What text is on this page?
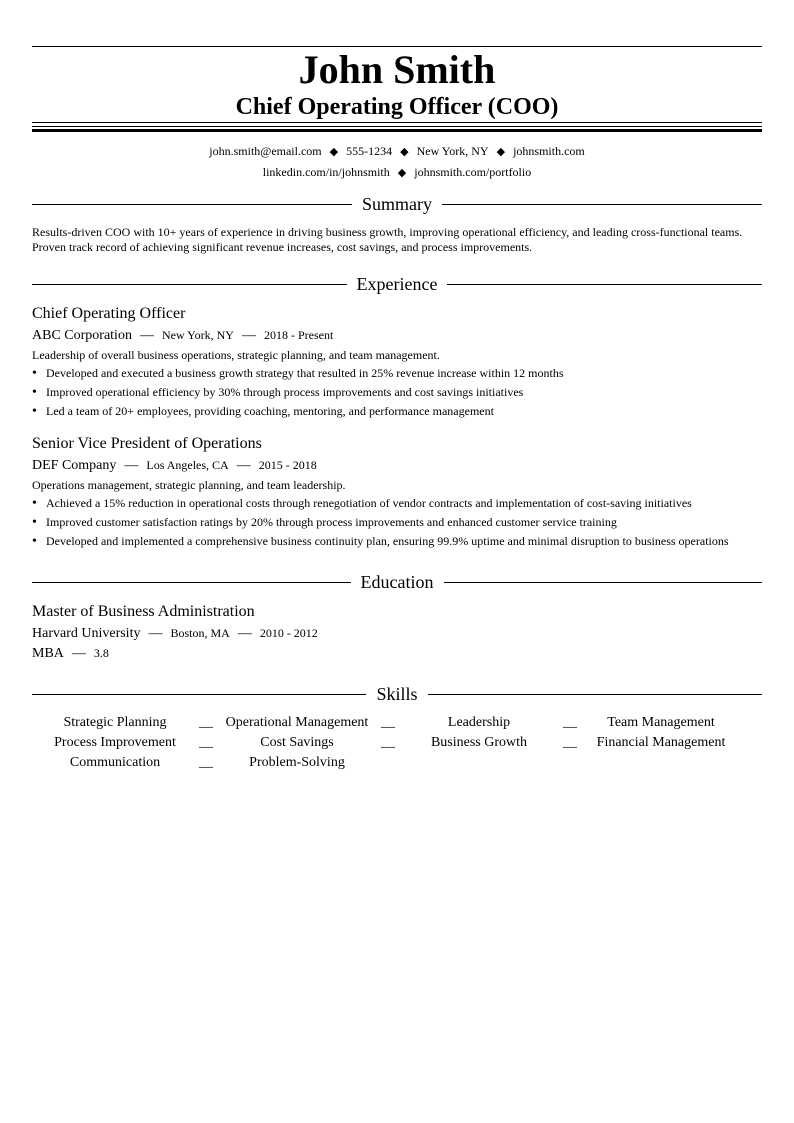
John Smith
Chief Operating Officer (COO)
john.smith@email.com ◆ 555-1234 ◆ New York, NY ◆ johnsmith.com
linkedin.com/in/johnsmith ◆ johnsmith.com/portfolio
Summary
Results-driven COO with 10+ years of experience in driving business growth, improving operational efficiency, and leading cross-functional teams. Proven track record of achieving significant revenue increases, cost savings, and process improvements.
Experience
Chief Operating Officer
ABC Corporation — New York, NY — 2018 - Present
Leadership of overall business operations, strategic planning, and team management.
• Developed and executed a business growth strategy that resulted in 25% revenue increase within 12 months
• Improved operational efficiency by 30% through process improvements and cost savings initiatives
• Led a team of 20+ employees, providing coaching, mentoring, and performance management
Senior Vice President of Operations
DEF Company — Los Angeles, CA — 2015 - 2018
Operations management, strategic planning, and team leadership.
• Achieved a 15% reduction in operational costs through renegotiation of vendor contracts and implementation of cost-saving initiatives
• Improved customer satisfaction ratings by 20% through process improvements and enhanced customer service training
• Developed and implemented a comprehensive business continuity plan, ensuring 99.9% uptime and minimal disruption to business operations
Education
Master of Business Administration
Harvard University — Boston, MA — 2010 - 2012
MBA — 3.8
Skills
Strategic Planning	__ Operational Management __	Leadership	__	Team Management
Process Improvement	__	Cost Savings	__	Business Growth	__	Financial Management
Communication	__	Problem-Solving
